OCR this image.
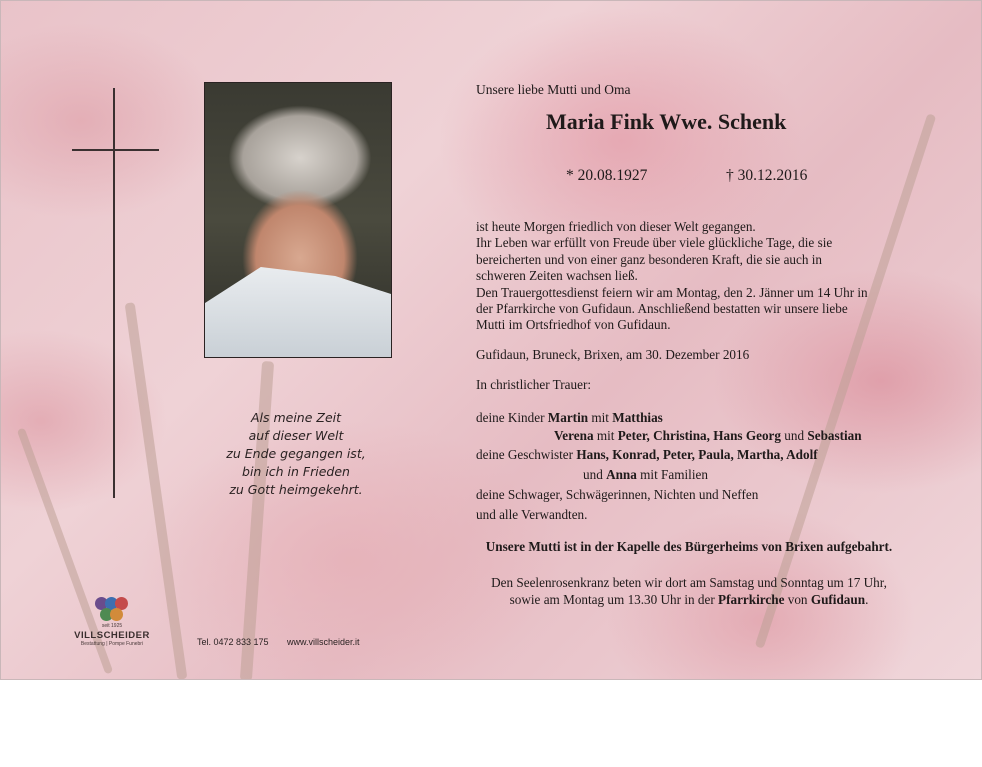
Als meine Zeit
auf dieser Welt
zu Ende gegangen ist,
bin ich in Frieden
zu Gott heimgekehrt.
Unsere liebe Mutti und Oma
Maria Fink Wwe. Schenk
* 20.08.1927	† 30.12.2016
ist heute Morgen friedlich von dieser Welt gegangen.
Ihr Leben war erfüllt von Freude über viele glückliche Tage, die sie
bereicherten und von einer ganz besonderen Kraft, die sie auch in
schweren Zeiten wachsen ließ.
Den Trauergottesdienst feiern wir am Montag, den 2. Jänner um 14 Uhr in
der Pfarrkirche von Gufidaun. Anschließend bestatten wir unsere liebe
Mutti im Ortsfriedhof von Gufidaun.
Gufidaun, Bruneck, Brixen, am 30. Dezember 2016
In christlicher Trauer:
deine Kinder Martin mit Matthias
Verena mit Peter, Christina, Hans Georg und Sebastian
deine Geschwister Hans, Konrad, Peter, Paula, Martha, Adolf
und Anna mit Familien
deine Schwager, Schwägerinnen, Nichten und Neffen
und alle Verwandten.
Unsere Mutti ist in der Kapelle des Bürgerheims von Brixen aufgebahrt.
Den Seelenrosenkranz beten wir dort am Samstag und Sonntag um 17 Uhr,
sowie am Montag um 13.30 Uhr in der Pfarrkirche von Gufidaun.
seit 1925
VILLSCHEIDER
Bestattung | Pompe Funebri	Tel. 0472 833 175 www.villscheider.it
